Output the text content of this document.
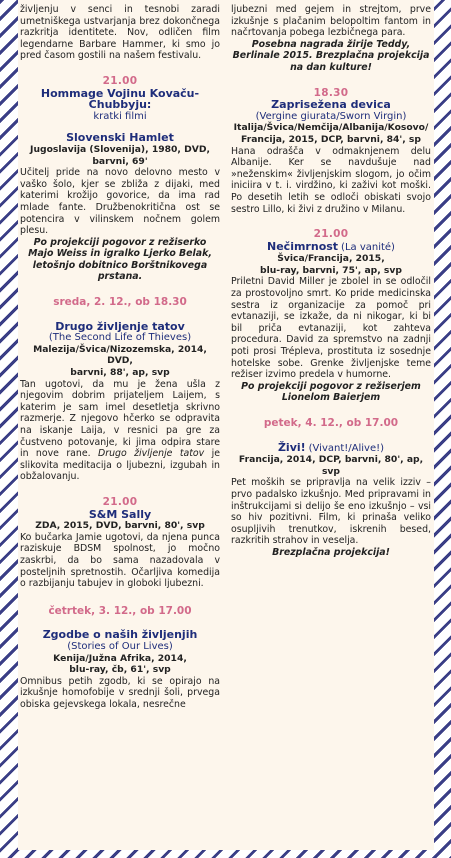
življenju v senci in tesnobi zaradi umetniškega ustvarjanja brez dokončnega razkritja identitete. Nov, odličen film legendarne Barbare Hammer, ki smo jo pred časom gostili na našem festivalu.

21.00

Hommage Vojinu Kovaču-Chubbyju:

kratki filmi

Slovenski Hamlet

Jugoslavija (Slovenija), 1980, DVD,

barvni, 69'

Učitelj pride na novo delovno mesto v vaško šolo, kjer se zbliža z dijaki, med katerimi krožijo govorice, da ima rad mlade fante. Družbenokritična ost se potencira v vilinskem nočnem golem plesu.

Po projekciji pogovor z režiserko Majo Weiss in igralko Ljerko Belak, letošnjo dobitnico Borštnikovega prstana.

sreda, 2. 12., ob 18.30

Drugo življenje tatov

(The Second Life of Thieves)

Malezija/Švica/Nizozemska, 2014, DVD,

barvni, 88', ap, svp

Tan ugotovi, da mu je žena ušla z njegovim dobrim prijateljem Laijem, s katerim je sam imel desetletja skrivno razmerje. Z njegovo hčerko se odpravita na iskanje Laija, v resnici pa gre za čustveno potovanje, ki jima odpira stare in nove rane. Drugo življenje tatov je slikovita meditacija o ljubezni, izgubah in obžalovanju.

21.00

S&M Sally

ZDA, 2015, DVD, barvni, 80', svp

Ko bučarka Jamie ugotovi, da njena punca raziskuje BDSM spolnost, jo močno zaskrbi, da bo sama nazadovala v posteljnih spretnostih. Očarljiva komedija o razbijanju tabujev in globoki ljubezni.

četrtek, 3. 12., ob 17.00

Zgodbe o naših življenjih

(Stories of Our Lives)

Kenija/Južna Afrika, 2014,

blu-ray, čb, 61', svp

Omnibus petih zgodb, ki se opirajo na izkušnje homofobije v srednji šoli, prvega obiska gejevskega lokala, nesrečne

ljubezni med gejem in strejtom, prve izkušnje s plačanim belopoltim fantom in načrtovanja pobega lezbičnega para.

Posebna nagrada žirije Teddy, Berlinale 2015. Brezplačna projekcija na dan kulture!

18.30

Zaprisežena devica

(Vergine giurata/Sworn Virgin)

Italija/Švica/Nemčija/Albanija/Kosovo/

Francija, 2015, DCP, barvni, 84', sp

Hana odrašča v odmaknjenem delu Albanije. Ker se navdušuje nad »neženskim« življenjskim slogom, jo očim iniciira v t. i. virdžino, ki zaživi kot moški. Po desetih letih se odloči obiskati svojo sestro Lillo, ki živi z družino v Milanu.

21.00

Nečimrnost (La vanité)

Švica/Francija, 2015,

blu-ray, barvni, 75', ap, svp

Priletni David Miller je zbolel in se odločil za prostovoljno smrt. Ko pride medicinska sestra iz organizacije za pomoč pri evtanaziji, se izkaže, da ni nikogar, ki bi bil priča evtanaziji, kot zahteva procedura. David za spremstvo na zadnji poti prosi Trépleva, prostituta iz sosednje hotelske sobe. Grenke življenjske teme režiser izvimo predela v humorne.

Po projekciji pogovor z režiserjem Lionelom Baierjem

petek, 4. 12., ob 17.00

Živi! (Vivant!/Alive!)

Francija, 2014, DCP, barvni, 80', ap, svp

Pet moških se pripravlja na velik izziv – prvo padalsko izkušnjo. Med pripravami in inštrukcijami si delijo še eno izkušnjo – vsi so hiv pozitivni. Film, ki prinaša veliko osupljivih trenutkov, iskrenih besed, razkritih strahov in veselja.

Brezplačna projekcija!
